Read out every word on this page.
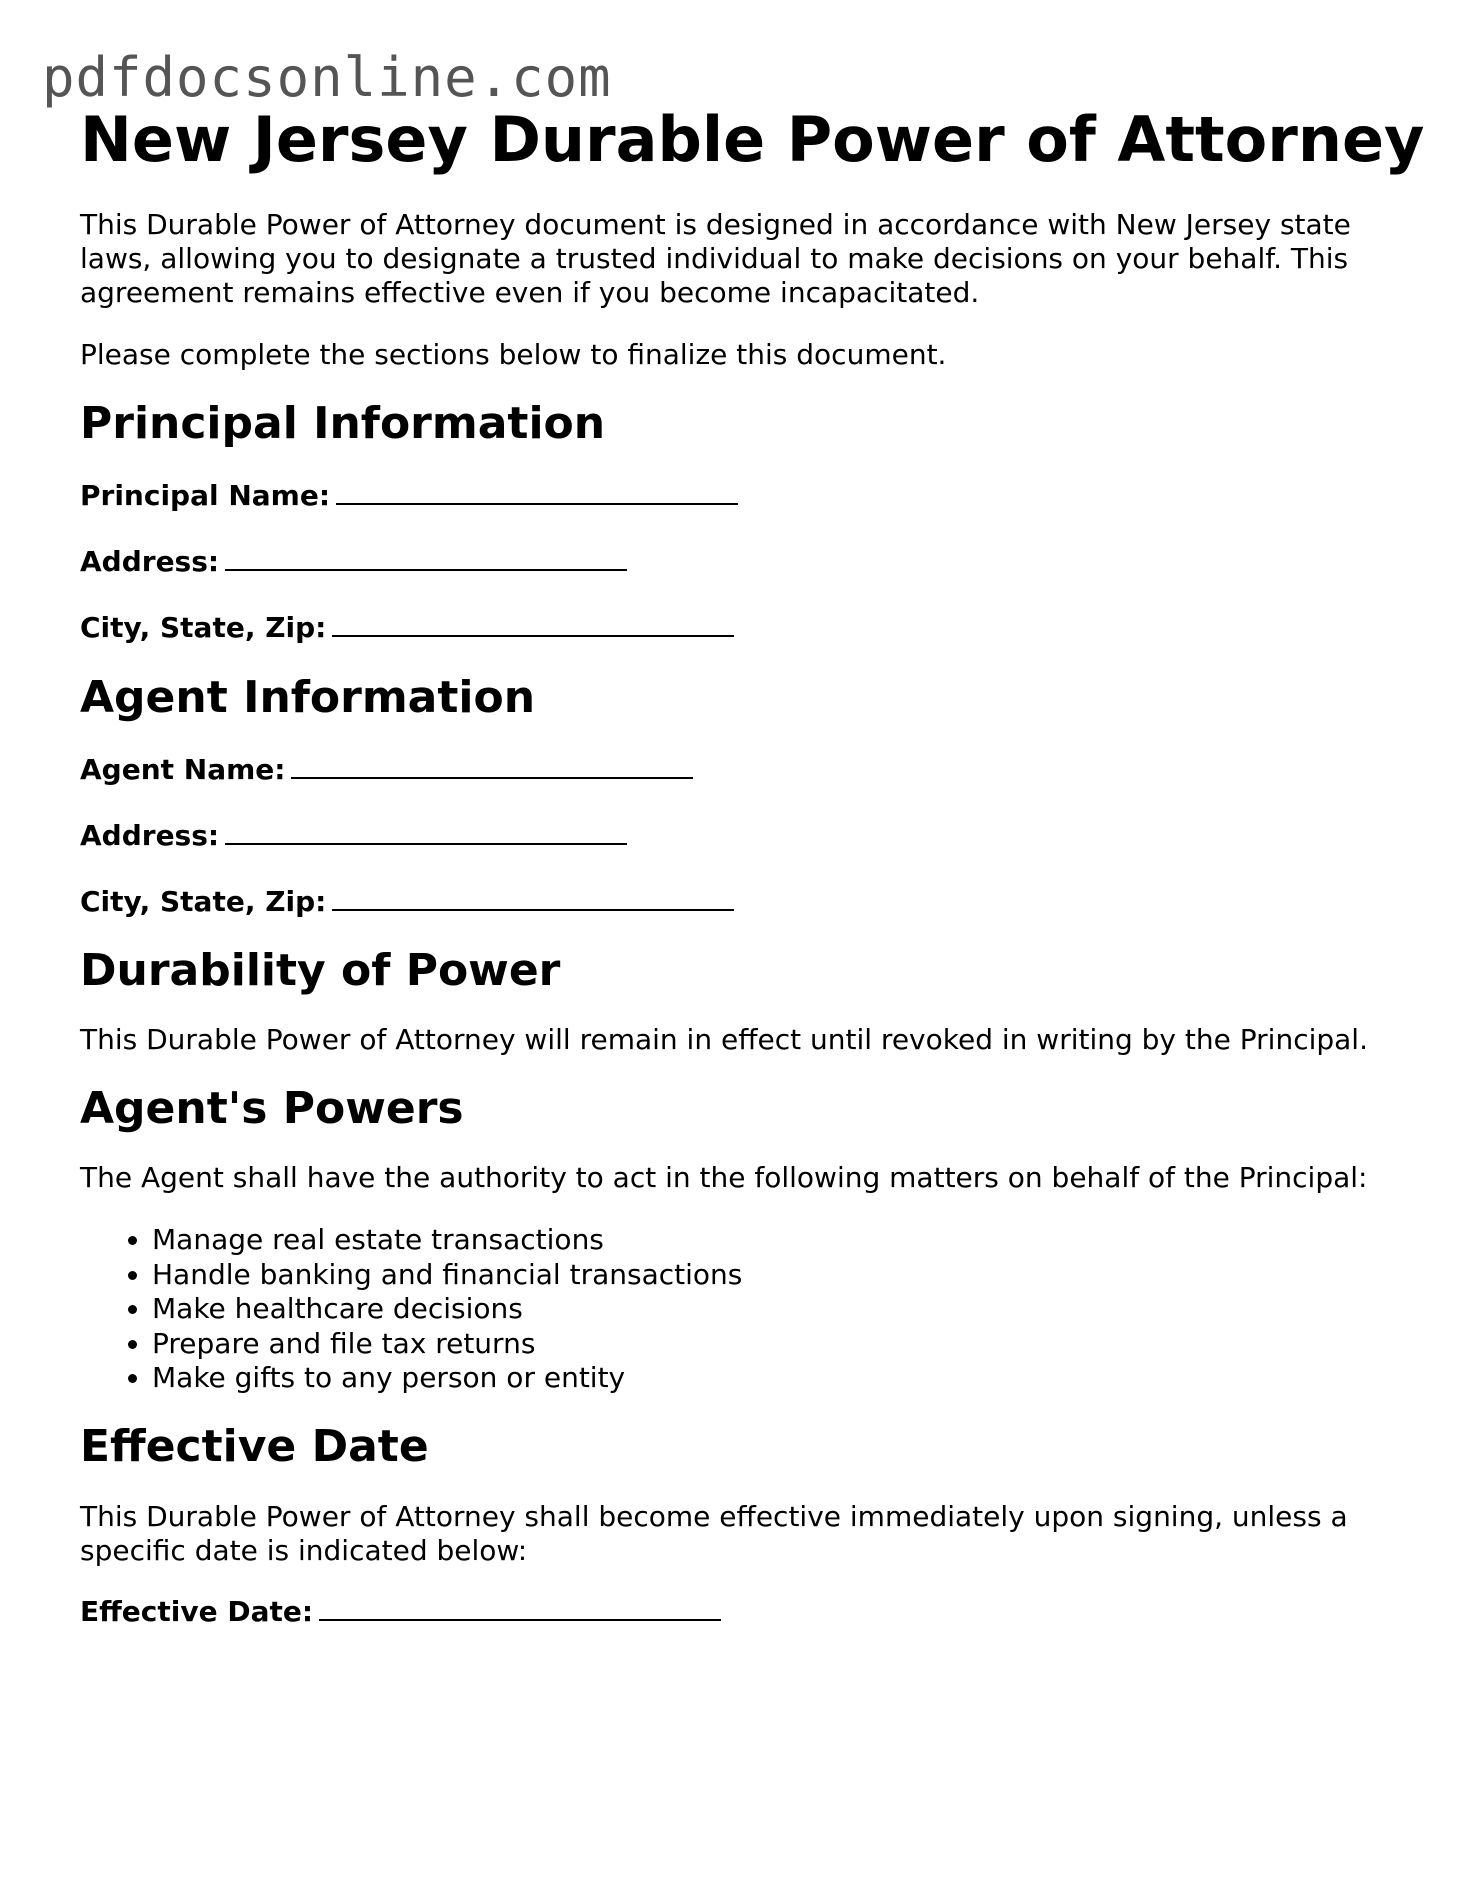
pdfdocsonline.com
New Jersey Durable Power of Attorney

This Durable Power of Attorney document is designed in accordance with New Jersey state laws, allowing you to designate a trusted individual to make decisions on your behalf. This agreement remains effective even if you become incapacitated.

Please complete the sections below to finalize this document.

Principal Information
Principal Name:
Address:
City, State, Zip:
Agent Information
Agent Name:
Address:
City, State, Zip:
Durability of Power

This Durable Power of Attorney will remain in effect until revoked in writing by the Principal.

Agent's Powers

The Agent shall have the authority to act in the following matters on behalf of the Principal:

• Manage real estate transactions
• Handle banking and financial transactions
• Make healthcare decisions
• Prepare and file tax returns
• Make gifts to any person or entity
Effective Date

This Durable Power of Attorney shall become effective immediately upon signing, unless a specific date is indicated below:

Effective Date:
